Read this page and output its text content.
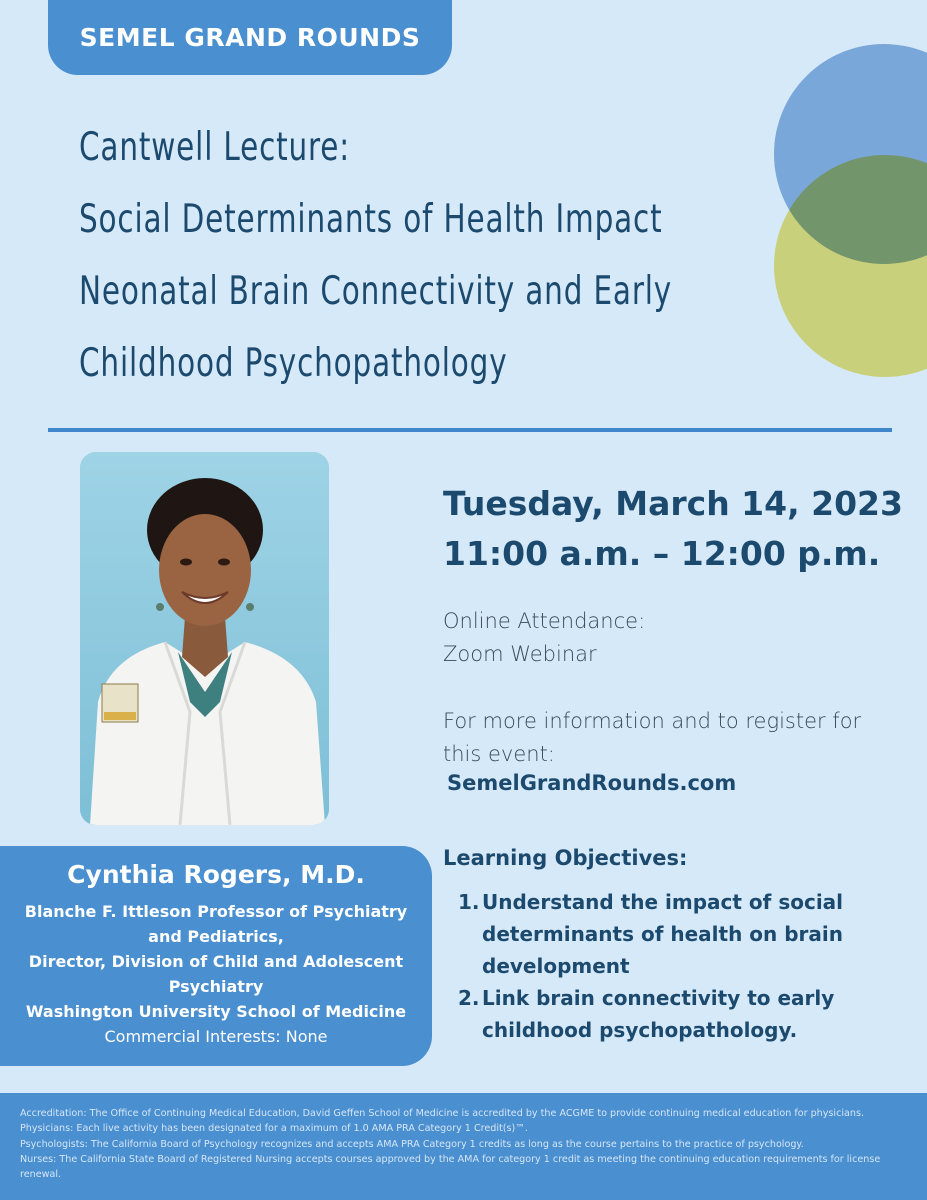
SEMEL GRAND ROUNDS
Cantwell Lecture:
Social Determinants of Health Impact
Neonatal Brain Connectivity and Early
Childhood Psychopathology
Cynthia Rogers, M.D.
Blanche F. Ittleson Professor of Psychiatry
and Pediatrics,
Director, Division of Child and Adolescent
Psychiatry
Washington University School of Medicine
Commercial Interests: None
Tuesday, March 14, 2023
11:00 a.m. – 12:00 p.m.
Online Attendance:
Zoom Webinar
For more information and to register for
this event:
SemelGrandRounds.com
Learning Objectives:
1. Understand the impact of social determinants of health on brain development
2. Link brain connectivity to early childhood psychopathology.
Accreditation: The Office of Continuing Medical Education, David Geffen School of Medicine is accredited by the ACGME to provide continuing medical education for physicians.
Physicians: Each live activity has been designated for a maximum of 1.0 AMA PRA Category 1 Credit(s)™.
Psychologists: The California Board of Psychology recognizes and accepts AMA PRA Category 1 credits as long as the course pertains to the practice of psychology.
Nurses: The California State Board of Registered Nursing accepts courses approved by the AMA for category 1 credit as meeting the continuing education requirements for license renewal.
